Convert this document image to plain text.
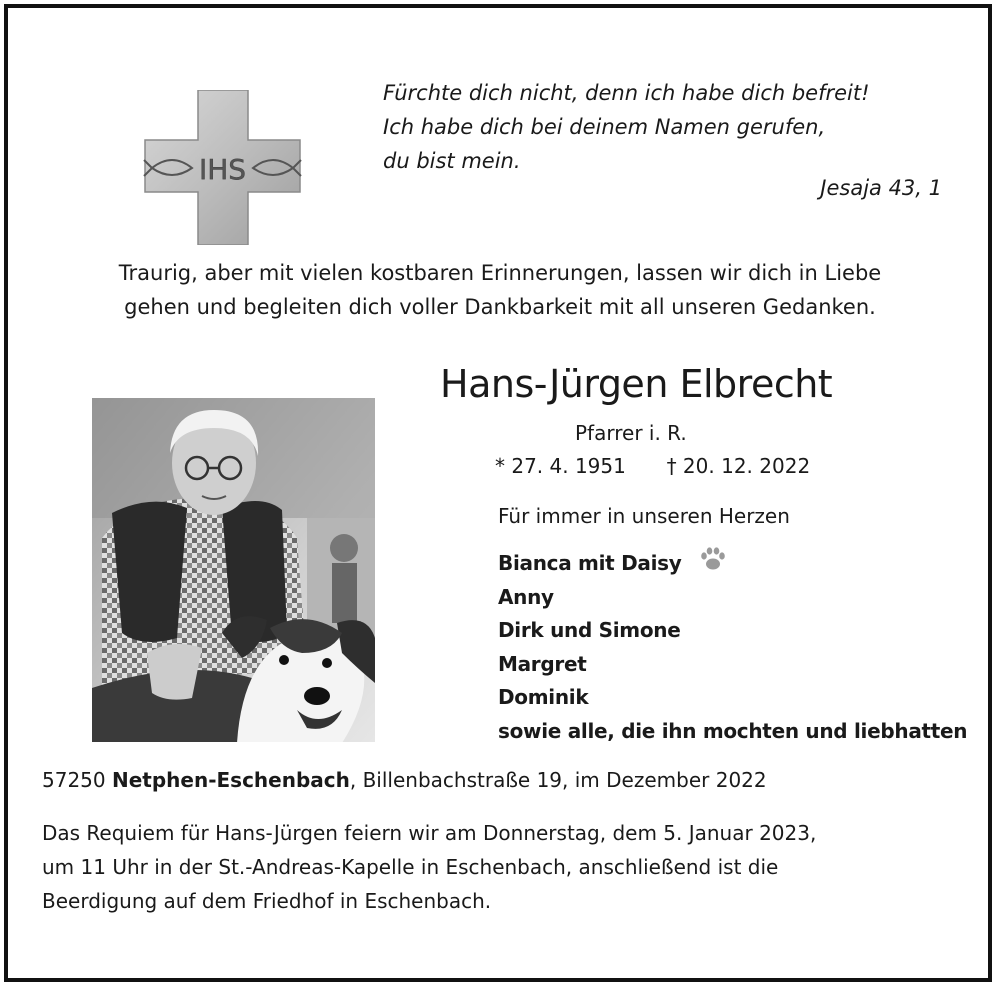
IHS
Fürchte dich nicht, denn ich habe dich befreit!
Ich habe dich bei deinem Namen gerufen,
du bist mein.
Jesaja 43, 1
Traurig, aber mit vielen kostbaren Erinnerungen, lassen wir dich in Liebe
gehen und begleiten dich voller Dankbarkeit mit all unseren Gedanken.
Hans-Jürgen Elbrecht
Pfarrer i. R.
* 27. 4. 1951 † 20. 12. 2022
Für immer in unseren Herzen
Bianca mit Daisy
Anny
Dirk und Simone
Margret
Dominik
sowie alle, die ihn mochten und liebhatten
57250 Netphen-Eschenbach, Billenbachstraße 19, im Dezember 2022
Das Requiem für Hans-Jürgen feiern wir am Donnerstag, dem 5. Januar 2023,
um 11 Uhr in der St.-Andreas-Kapelle in Eschenbach, anschließend ist die
Beerdigung auf dem Friedhof in Eschenbach.
